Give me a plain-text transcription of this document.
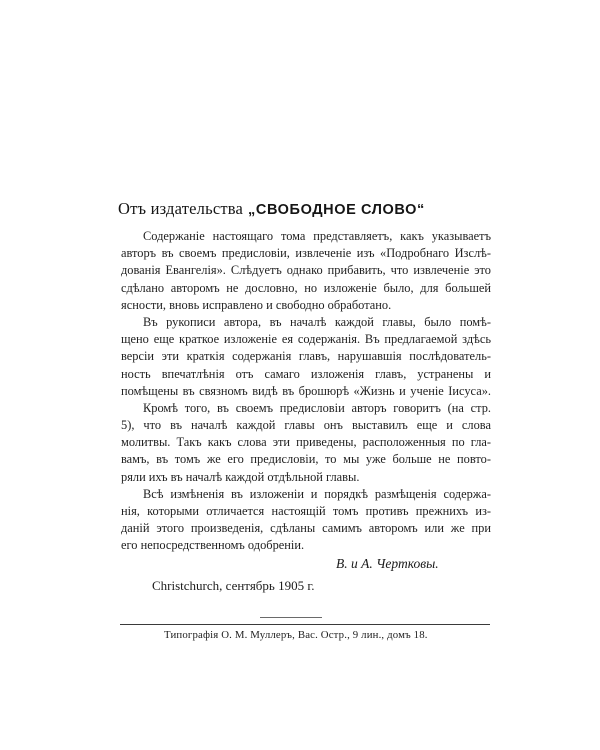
Отъ издательства „СВОБОДНОЕ СЛОВО“
Содержанiе настоящаго тома представляетъ, какъ указываетъ
авторъ въ своемъ предисловiи, извлеченiе изъ «Подробнаго Изслѣ-
дованiя Евангелiя». Слѣдуетъ однако прибавить, что извлеченiе это
сдѣлано авторомъ не дословно, но изложенiе было, для большей
ясности, вновь исправлено и свободно обработано.
Въ рукописи автора, въ началѣ каждой главы, было помѣ-
щено еще краткое изложенiе ея содержанiя. Въ предлагаемой здѣсь
версiи эти краткiя содержанiя главъ, нарушавшiя послѣдователь-
ность впечатлѣнiя отъ самаго изложенiя главъ, устранены и
помѣщены въ связномъ видѣ въ брошюрѣ «Жизнь и ученiе Iисуса».
Кромѣ того, въ своемъ предисловiи авторъ говоритъ (на стр.
5), что въ началѣ каждой главы онъ выставилъ еще и слова
молитвы. Такъ какъ слова эти приведены, расположенныя по гла-
вамъ, въ томъ же его предисловiи, то мы уже больше не повто-
ряли ихъ въ началѣ каждой отдѣльной главы.
Всѣ измѣненiя въ изложенiи и порядкѣ размѣщенiя содержа-
нiя, которыми отличается настоящiй томъ противъ прежнихъ из-
данiй этого произведенiя, сдѣланы самимъ авторомъ или же при
его непосредственномъ одобренiи.
В. и А. Чертковы.
Christchurch, сентябрь 1905 г.
Типографiя О. М. Муллеръ, Вас. Остр., 9 лин., домъ 18.
